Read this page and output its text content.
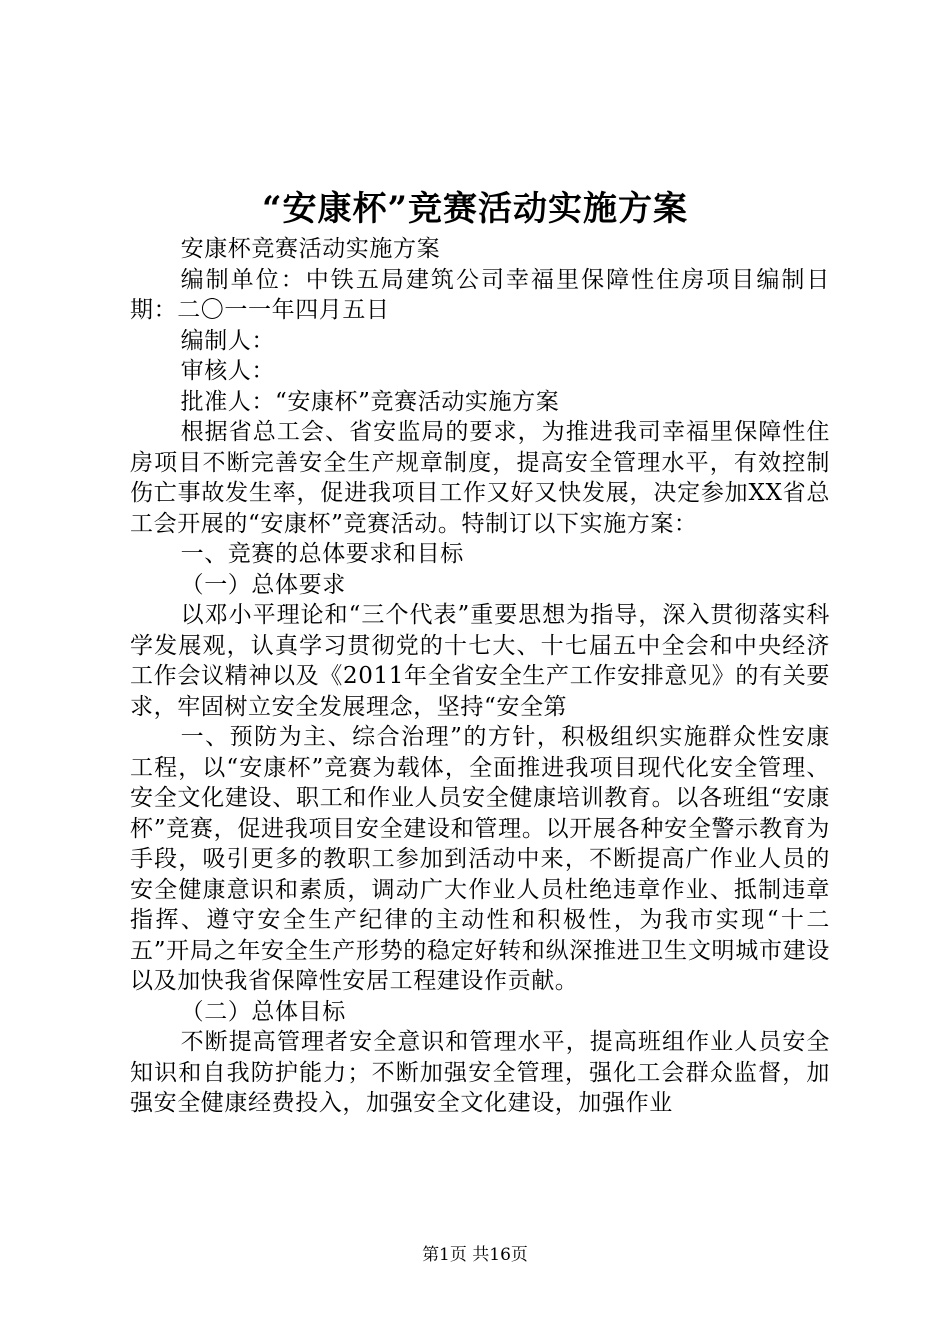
“安康杯”竞赛活动实施方案

安康杯竞赛活动实施方案

编制单位：中铁五局建筑公司幸福里保障性住房项目编制日期：二〇一一年四月五日

编制人：

审核人：

批准人：“安康杯”竞赛活动实施方案

根据省总工会、省安监局的要求，为推进我司幸福里保障性住房项目不断完善安全生产规章制度，提高安全管理水平，有效控制伤亡事故发生率，促进我项目工作又好又快发展，决定参加XX省总工会开展的“安康杯”竞赛活动。特制订以下实施方案：

一、竞赛的总体要求和目标

（一）总体要求

以邓小平理论和“三个代表”重要思想为指导，深入贯彻落实科学发展观，认真学习贯彻党的十七大、十七届五中全会和中央经济工作会议精神以及《2011年全省安全生产工作安排意见》的有关要求，牢固树立安全发展理念，坚持“安全第

一、预防为主、综合治理”的方针，积极组织实施群众性安康工程，以“安康杯”竞赛为载体，全面推进我项目现代化安全管理、安全文化建设、职工和作业人员安全健康培训教育。以各班组“安康杯”竞赛，促进我项目安全建设和管理。以开展各种安全警示教育为手段，吸引更多的教职工参加到活动中来，不断提高广作业人员的安全健康意识和素质，调动广大作业人员杜绝违章作业、抵制违章指挥、遵守安全生产纪律的主动性和积极性，为我市实现“十二五”开局之年安全生产形势的稳定好转和纵深推进卫生文明城市建设以及加快我省保障性安居工程建设作贡献。

（二）总体目标

不断提高管理者安全意识和管理水平，提高班组作业人员安全知识和自我防护能力；不断加强安全管理，强化工会群众监督，加强安全健康经费投入，加强安全文化建设，加强作业

第1页 共16页
